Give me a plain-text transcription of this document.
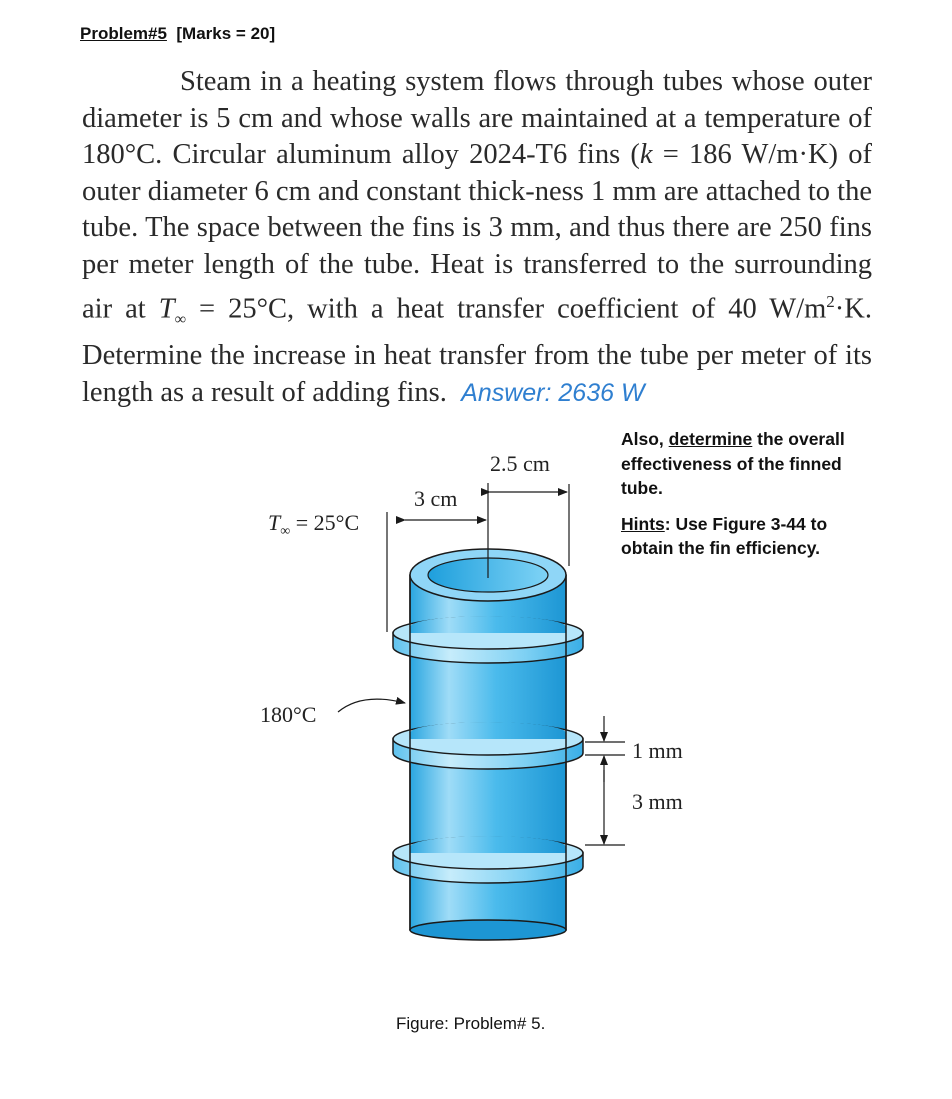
Problem#5 [Marks = 20]
Steam in a heating system flows through tubes whose outer diameter is 5 cm and whose walls are maintained at a temperature of 180°C. Circular aluminum alloy 2024-T6 fins (k = 186 W/m·K) of outer diameter 6 cm and constant thick-ness 1 mm are attached to the tube. The space between the fins is 3 mm, and thus there are 250 fins per meter length of the tube. Heat is transferred to the surrounding air at $T_\infty = 25^\circ C$, with a heat transfer coefficient of 40 $W/m^2\cdot K$. Determine the increase in heat transfer from the tube per meter of its length as a result of adding fins. Answer: 2636 W

Also, determine the overall effectiveness of the finned tube.

Hints: Use Figure 3-44 to obtain the fin efficiency.

2.5 cm
3 cm
$T_\infty = 25^\circ C$
180°C
1 mm
3 mm
Figure: Problem# 5.
